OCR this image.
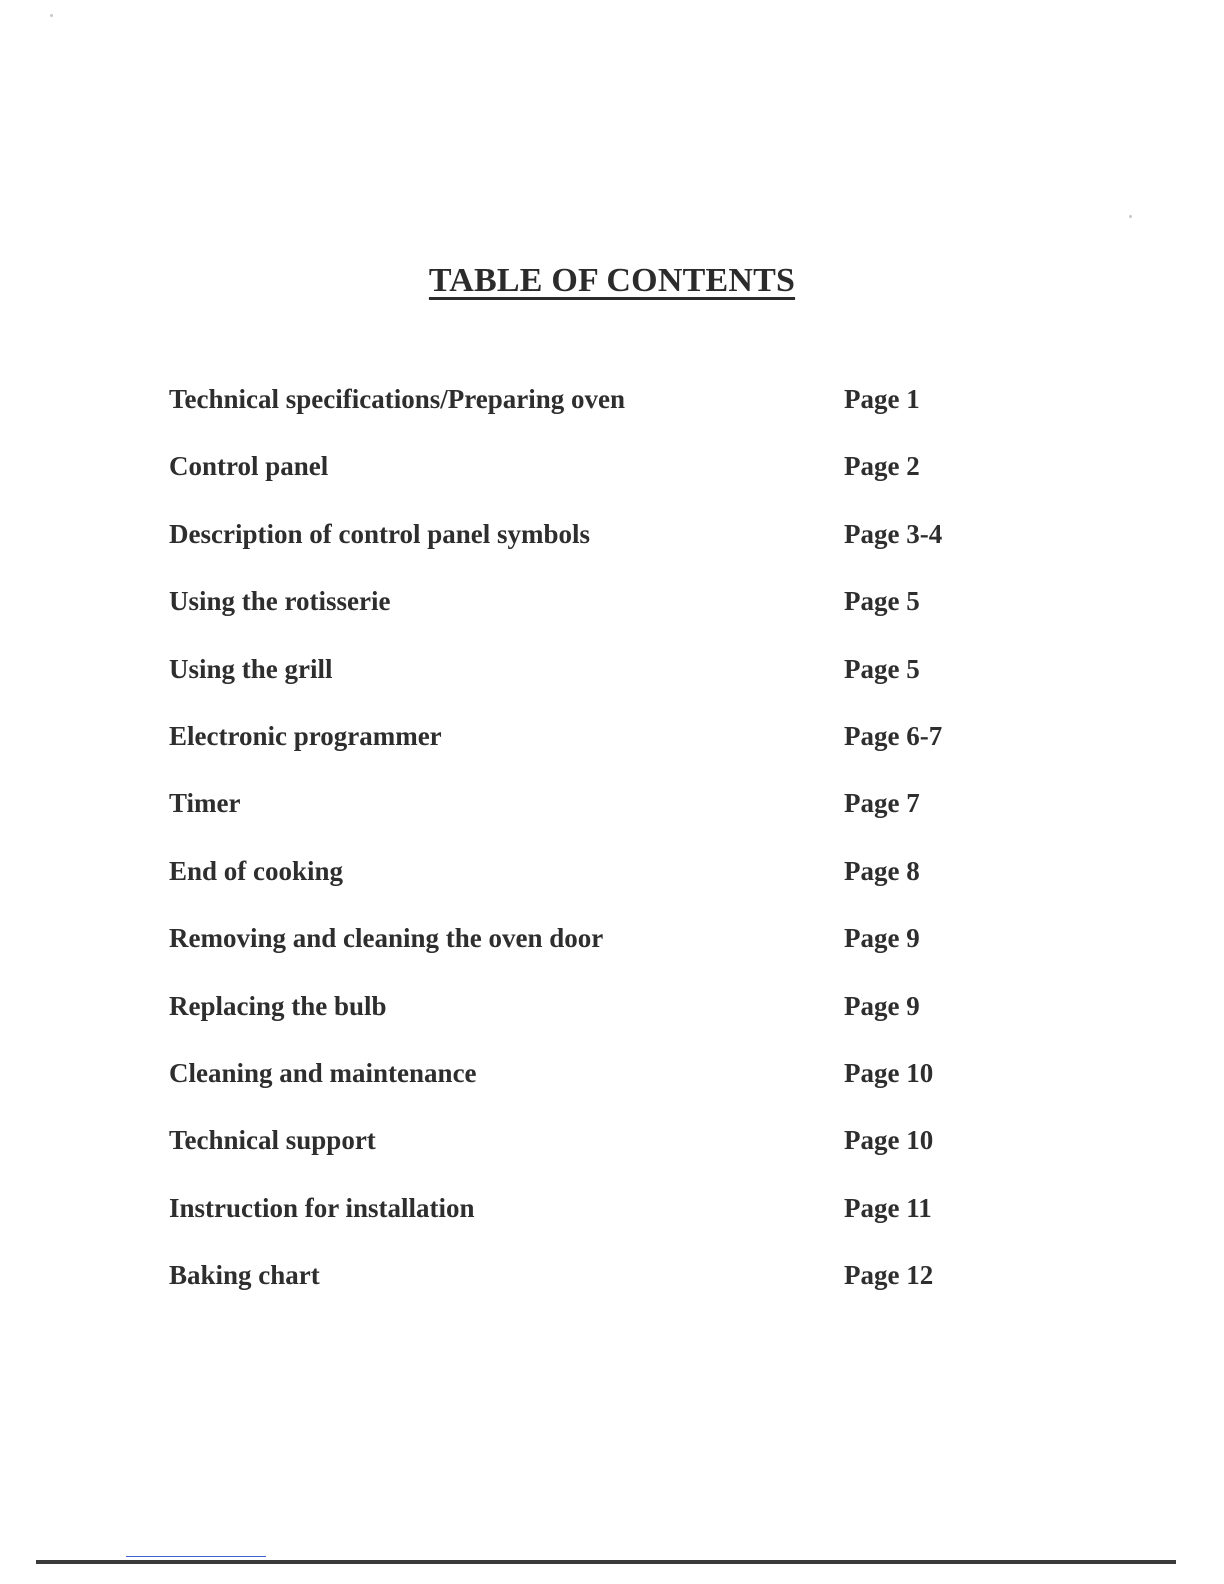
TABLE OF CONTENTS
Technical specifications/Preparing oven	Page 1
Control panel	Page 2
Description of control panel symbols	Page 3-4
Using the rotisserie	Page 5
Using the grill	Page 5
Electronic programmer	Page 6-7
Timer	Page 7
End of cooking	Page 8
Removing and cleaning the oven door	Page 9
Replacing the bulb	Page 9
Cleaning and maintenance	Page 10
Technical support	Page 10
Instruction for installation	Page 11
Baking chart	Page 12
